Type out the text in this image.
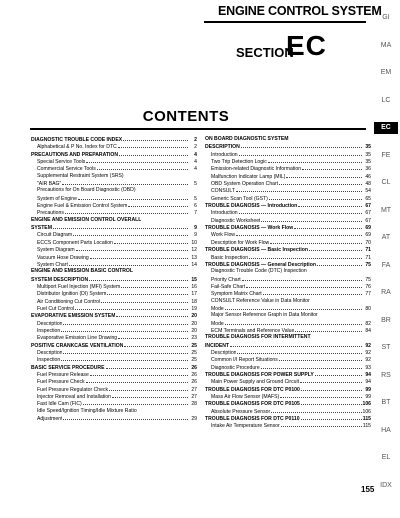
ENGINE CONTROL SYSTEM
SECTION
EC
CONTENTS
GI
MA
EM
LC
EC
FE
CL
MT
AT
FA
RA
BR
ST
RS
BT
HA
EL
IDX
DIAGNOSTIC TROUBLE CODE INDEX	2
Alphabetical & P No. Index for DTC	2
PRECAUTIONS AND PREPARATION	4
Special Service Tools	4
Commercial Service Tools	4
Supplemental Restraint System (SRS)
"AIR BAG"	5
Precautions for On Board Diagnostic (OBD)
System of Engine	5
Engine Fuel & Emission Control System	6
Precautions	7
ENGINE AND EMISSION CONTROL OVERALL
SYSTEM	9
Circuit Diagram	9
ECCS Component Parts Location	10
System Diagram	12
Vacuum Hose Drawing	13
System Chart	14
ENGINE AND EMISSION BASIC CONTROL
SYSTEM DESCRIPTION	15
Multiport Fuel Injection (MFI) System	16
Distributor Ignition (DI) System	17
Air Conditioning Cut Control	18
Fuel Cut Control	19
EVAPORATIVE EMISSION SYSTEM	20
Description	20
Inspection	20
Evaporative Emission Line Drawing	23
POSITIVE CRANKCASE VENTILATION	25
Description	25
Inspection	25
BASIC SERVICE PROCEDURE	26
Fuel Pressure Release	26
Fuel Pressure Check	26
Fuel Pressure Regulator Check	27
Injector Removal and Installation	27
Fast Idle Cam (FIC)	28
Idle Speed/Ignition Timing/Idle Mixture Ratio
Adjustment	29
ON BOARD DIAGNOSTIC SYSTEM
DESCRIPTION	35
Introduction	35
Two Trip Detection Logic	35
Emission-related Diagnostic Information	36
Malfunction Indicator Lamp (MIL)	46
OBD System Operation Chart	48
CONSULT	54
Generic Scan Tool (GST)	65
TROUBLE DIAGNOSIS — Introduction	67
Introduction	67
Diagnostic Worksheet	67
TROUBLE DIAGNOSIS — Work Flow	69
Work Flow	69
Description for Work Flow	70
TROUBLE DIAGNOSIS — Basic Inspection	71
Basic Inspection	71
TROUBLE DIAGNOSIS — General Description	75
Diagnostic Trouble Code (DTC) Inspection
Priority Chart	75
Fail-Safe Chart	76
Symptom Matrix Chart	77
CONSULT Reference Value in Data Monitor
Mode	80
Major Sensor Reference Graph in Data Monitor
Mode	82
ECM Terminals and Reference Value	84
TROUBLE DIAGNOSIS FOR INTERMITTENT
INCIDENT	92
Description	92
Common I/I Report Situations	92
Diagnostic Procedure	93
TROUBLE DIAGNOSIS FOR POWER SUPPLY	94
Main Power Supply and Ground Circuit	94
TROUBLE DIAGNOSIS FOR DTC P0100	99
Mass Air Flow Sensor (MAFS)	99
TROUBLE DIAGNOSIS FOR DTC P0105	106
Absolute Pressure Sensor	106
TROUBLE DIAGNOSIS FOR DTC P0110	115
Intake Air Temperature Sensor	115
155
